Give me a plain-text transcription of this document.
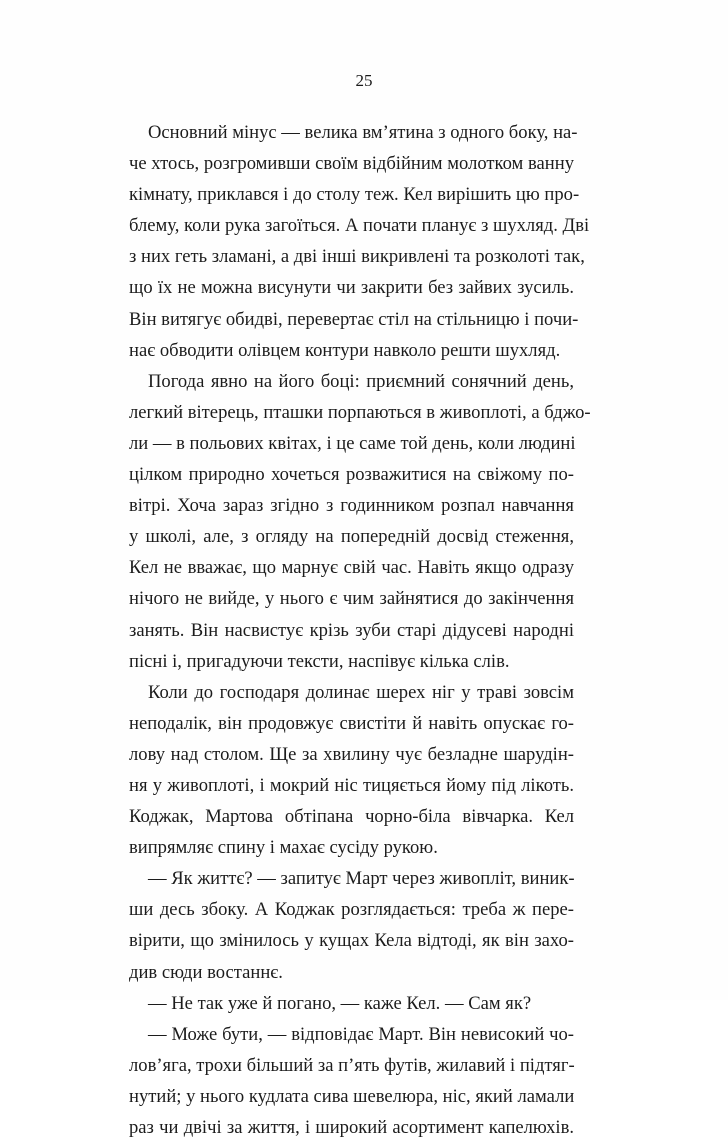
25
Основний мінус — велика вм’ятина з одного боку, на-
че хтось, розгромивши своїм відбійним молотком ванну
кімнату, приклався і до столу теж. Кел вирішить цю про-
блему, коли рука загоїться. А почати планує з шухляд. Дві
з них геть зламані, а дві інші викривлені та розколоті так,
що їх не можна висунути чи закрити без зайвих зусиль.
Він витягує обидві, перевертає стіл на стільницю і почи-
нає обводити олівцем контури навколо решти шухляд.
Погода явно на його боці: приємний сонячний день,
легкий вітерець, пташки порпаються в живоплоті, а бджо-
ли — в польових квітах, і це саме той день, коли людині
цілком природно хочеться розважитися на свіжому по-
вітрі. Хоча зараз згідно з годинником розпал навчання
у школі, але, з огляду на попередній досвід стеження,
Кел не вважає, що марнує свій час. Навіть якщо одразу
нічого не вийде, у нього є чим зайнятися до закінчення
занять. Він насвистує крізь зуби старі дідусеві народні
пісні і, пригадуючи тексти, наспівує кілька слів.
Коли до господаря долинає шерех ніг у траві зовсім
неподалік, він продовжує свистіти й навіть опускає го-
лову над столом. Ще за хвилину чує безладне шарудін-
ня у живоплоті, і мокрий ніс тицяється йому під лікоть.
Коджак, Мартова обтіпана чорно-біла вівчарка. Кел
випрямляє спину і махає сусіду рукою.
— Як життє? — запитує Март через живопліт, виник-
ши десь збоку. А Коджак розглядається: треба ж пере-
вірити, що змінилось у кущах Кела відтоді, як він захо-
див сюди востаннє.
— Не так уже й погано, — каже Кел. — Сам як?
— Може бути, — відповідає Март. Він невисокий чо-
лов’яга, трохи більший за п’ять футів, жилавий і підтяг-
нутий; у нього кудлата сива шевелюра, ніс, який ламали
раз чи двічі за життя, і широкий асортимент капелюхів.
